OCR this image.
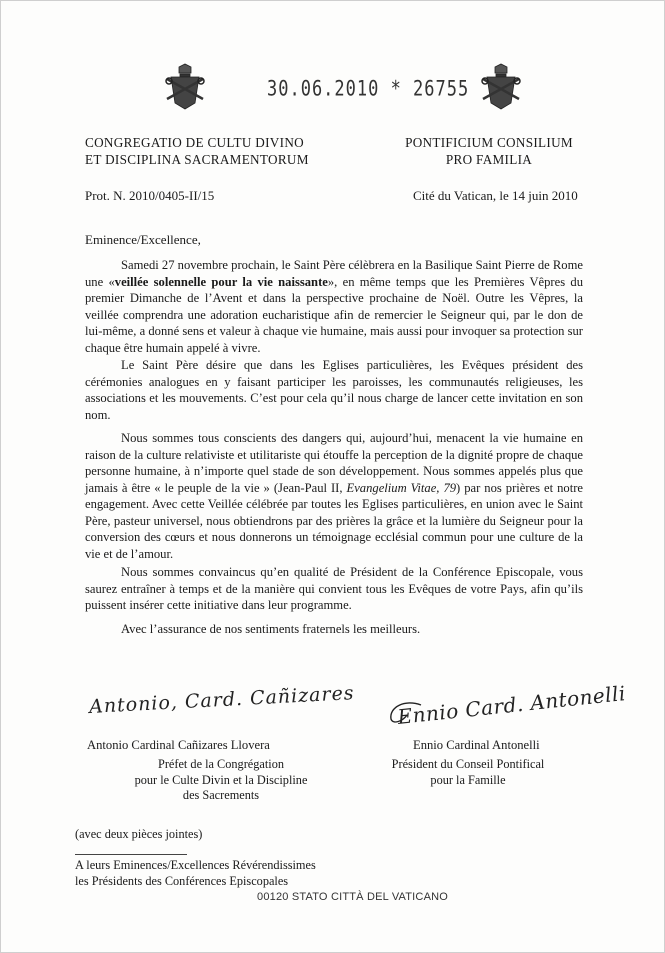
30.06.2010 * 26755
CONGREGATIO DE CULTU DIVINO
ET DISCIPLINA SACRAMENTORUM
PONTIFICIUM CONSILIUM
PRO FAMILIA
Prot. N. 2010/0405-II/15	Cité du Vatican, le 14 juin 2010
Eminence/Excellence,

Samedi 27 novembre prochain, le Saint Père célèbrera en la Basilique Saint Pierre de Rome une «veillée solennelle pour la vie naissante», en même temps que les Premières Vêpres du premier Dimanche de l’Avent et dans la perspective prochaine de Noël. Outre les Vêpres, la veillée comprendra une adoration eucharistique afin de remercier le Seigneur qui, par le don de lui-même, a donné sens et valeur à chaque vie humaine, mais aussi pour invoquer sa protection sur chaque être humain appelé à vivre.

Le Saint Père désire que dans les Eglises particulières, les Evêques président des cérémonies analogues en y faisant participer les paroisses, les communautés religieuses, les associations et les mouvements. C’est pour cela qu’il nous charge de lancer cette invitation en son nom.

Nous sommes tous conscients des dangers qui, aujourd’hui, menacent la vie humaine en raison de la culture relativiste et utilitariste qui étouffe la perception de la dignité propre de chaque personne humaine, à n’importe quel stade de son développement. Nous sommes appelés plus que jamais à être « le peuple de la vie » (Jean-Paul II, Evangelium Vitae, 79) par nos prières et notre engagement. Avec cette Veillée célébrée par toutes les Eglises particulières, en union avec le Saint Père, pasteur universel, nous obtiendrons par des prières la grâce et la lumière du Seigneur pour la conversion des cœurs et nous donnerons un témoignage ecclésial commun pour une culture de la vie et de l’amour.

Nous sommes convaincus qu’en qualité de Président de la Conférence Episcopale, vous saurez entraîner à temps et de la manière qui convient tous les Evêques de votre Pays, afin qu’ils puissent insérer cette initiative dans leur programme.

Avec l’assurance de nos sentiments fraternels les meilleurs.

Antonio, Card. Cañizares Ennio Card. Antonelli
Antonio Cardinal Cañizares Llovera	Ennio Cardinal Antonelli
Préfet de la Congrégation
pour le Culte Divin et la Discipline
des Sacrements
Président du Conseil Pontifical
pour la Famille
(avec deux pièces jointes)
A leurs Eminences/Excellences Révérendissimes
les Présidents des Conférences Episcopales
00120 STATO CITTÀ DEL VATICANO
